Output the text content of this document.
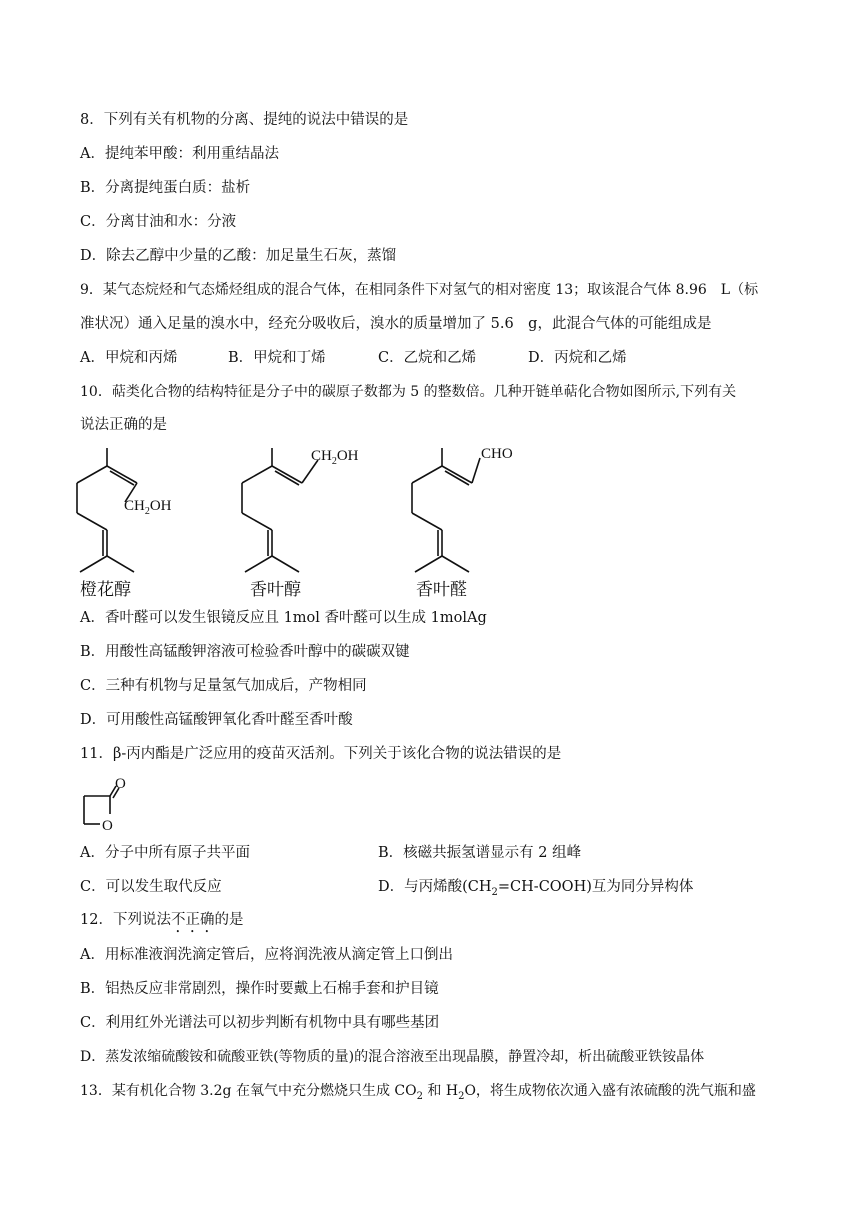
8．下列有关有机物的分离、提纯的说法中错误的是
A．提纯苯甲酸：利用重结晶法
B．分离提纯蛋白质：盐析
C．分离甘油和水：分液
D．除去乙醇中少量的乙酸：加足量生石灰，蒸馏
9．某气态烷烃和气态烯烃组成的混合气体，在相同条件下对氢气的相对密度 13；取该混合气体 8.96　L（标
准状况）通入足量的溴水中，经充分吸收后，溴水的质量增加了 5.6　g，此混合气体的可能组成是
A．甲烷和丙烯	B．甲烷和丁烯	C．乙烷和乙烯	D．丙烷和乙烯
10．萜类化合物的结构特征是分子中的碳原子数都为 5 的整数倍。几种开链单萜化合物如图所示,下列有关
说法正确的是
$CH_2OH$
$CH_2OH$	CHO
橙花醇	香叶醇	香叶醛
A．香叶醛可以发生银镜反应且 1mol 香叶醛可以生成 1molAg
B．用酸性高锰酸钾溶液可检验香叶醇中的碳碳双键
C．三种有机物与足量氢气加成后，产物相同
D．可用酸性高锰酸钾氧化香叶醛至香叶酸
11．β-丙内酯是广泛应用的疫苗灭活剂。下列关于该化合物的说法错误的是
O
O
A．分子中所有原子共平面	B．核磁共振氢谱显示有 2 组峰
C．可以发生取代反应	D．与丙烯酸$(CH_2=CH-COOH)$互为同分异构体
12．下列说法不正确的是
A．用标准液润洗滴定管后，应将润洗液从滴定管上口倒出
B．铝热反应非常剧烈，操作时要戴上石棉手套和护目镜
C．利用红外光谱法可以初步判断有机物中具有哪些基团
D．蒸发浓缩硫酸铵和硫酸亚铁(等物质的量)的混合溶液至出现晶膜，静置冷却，析出硫酸亚铁铵晶体
13．某有机化合物 3.2g 在氧气中充分燃烧只生成 $CO_2$ 和 $H_2O$，将生成物依次通入盛有浓硫酸的洗气瓶和盛
